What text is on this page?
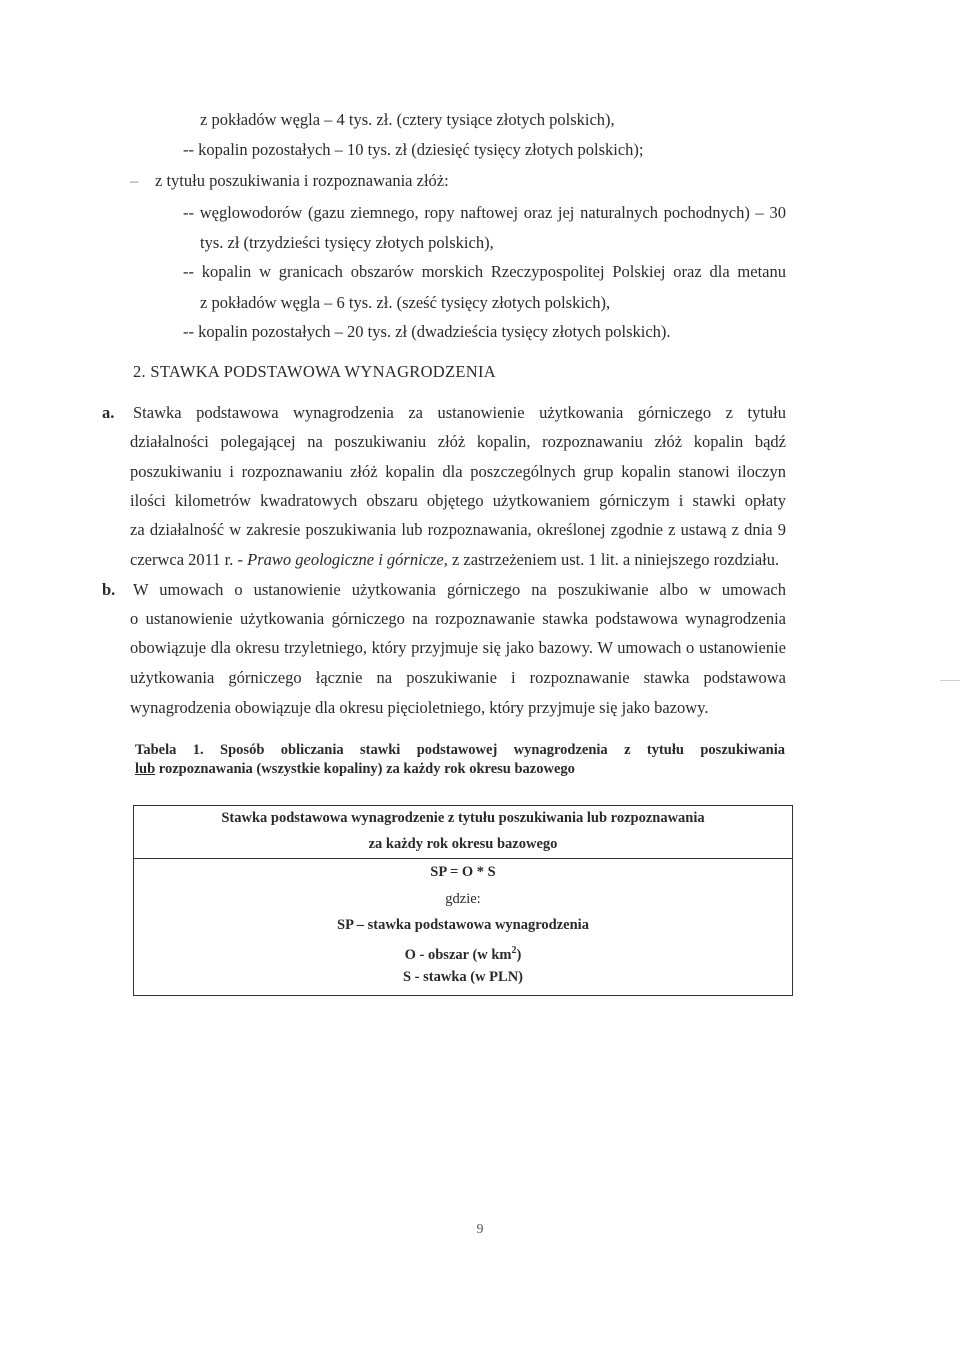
z pokładów węgla – 4 tys. zł. (cztery tysiące złotych polskich),
-- kopalin pozostałych – 10 tys. zł (dziesięć tysięcy złotych polskich);
– z tytułu poszukiwania i rozpoznawania złóż:
-- węglowodorów (gazu ziemnego, ropy naftowej oraz jej naturalnych pochodnych) – 30
tys. zł (trzydzieści tysięcy złotych polskich),
-- kopalin w granicach obszarów morskich Rzeczypospolitej Polskiej oraz dla metanu
z pokładów węgla – 6 tys. zł. (sześć tysięcy złotych polskich),
-- kopalin pozostałych – 20 tys. zł (dwadzieścia tysięcy złotych polskich).
2. STAWKA PODSTAWOWA WYNAGRODZENIA
a. Stawka podstawowa wynagrodzenia za ustanowienie użytkowania górniczego z tytułu
działalności polegającej na poszukiwaniu złóż kopalin, rozpoznawaniu złóż kopalin bądź
poszukiwaniu i rozpoznawaniu złóż kopalin dla poszczególnych grup kopalin stanowi iloczyn
ilości kilometrów kwadratowych obszaru objętego użytkowaniem górniczym i stawki opłaty
za działalność w zakresie poszukiwania lub rozpoznawania, określonej zgodnie z ustawą z dnia 9
czerwca 2011 r. - Prawo geologiczne i górnicze, z zastrzeżeniem ust. 1 lit. a niniejszego rozdziału.
b. W umowach o ustanowienie użytkowania górniczego na poszukiwanie albo w umowach
o ustanowienie użytkowania górniczego na rozpoznawanie stawka podstawowa wynagrodzenia
obowiązuje dla okresu trzyletniego, który przyjmuje się jako bazowy. W umowach o ustanowienie
użytkowania górniczego łącznie na poszukiwanie i rozpoznawanie stawka podstawowa
wynagrodzenia obowiązuje dla okresu pięcioletniego, który przyjmuje się jako bazowy.
Tabela 1. Sposób obliczania stawki podstawowej wynagrodzenia z tytułu poszukiwania
lub rozpoznawania (wszystkie kopaliny) za każdy rok okresu bazowego
Stawka podstawowa wynagrodzenie z tytułu poszukiwania lub rozpoznawania
za każdy rok okresu bazowego
SP = O * S
gdzie:
SP – stawka podstawowa wynagrodzenia
O - obszar (w $km^2$)
S - stawka (w PLN)
9
